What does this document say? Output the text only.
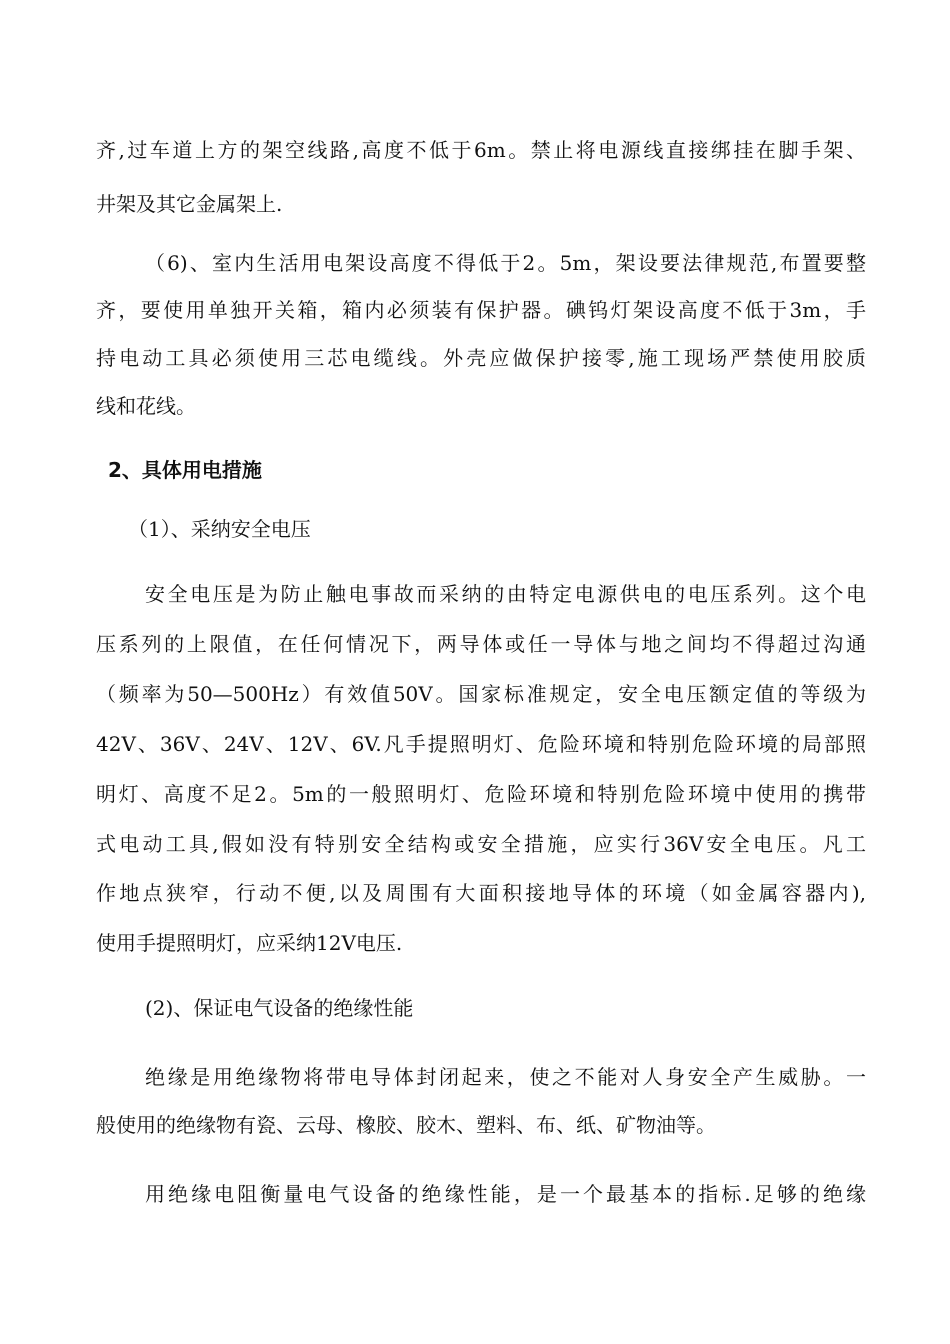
齐,过车道上方的架空线路,高度不低于6m。禁止将电源线直接绑挂在脚手架、
井架及其它金属架上.
（6)、室内生活用电架设高度不得低于2。5m，架设要法律规范,布置要整
齐，要使用单独开关箱，箱内必须装有保护器。碘钨灯架设高度不低于3m，手
持电动工具必须使用三芯电缆线。外壳应做保护接零,施工现场严禁使用胶质
线和花线。
2、具体用电措施
（1）、采纳安全电压
安全电压是为防止触电事故而采纳的由特定电源供电的电压系列。这个电
压系列的上限值，在任何情况下，两导体或任一导体与地之间均不得超过沟通
（频率为50—500Hz）有效值50V。国家标准规定，安全电压额定值的等级为
42V、36V、24V、12V、6V.凡手提照明灯、危险环境和特别危险环境的局部照
明灯、高度不足2。5m的一般照明灯、危险环境和特别危险环境中使用的携带
式电动工具,假如没有特别安全结构或安全措施，应实行36V安全电压。凡工
作地点狭窄，行动不便,以及周围有大面积接地导体的环境（如金属容器内),
使用手提照明灯，应采纳12V电压.
(2)、保证电气设备的绝缘性能
绝缘是用绝缘物将带电导体封闭起来，使之不能对人身安全产生威胁。一
般使用的绝缘物有瓷、云母、橡胶、胶木、塑料、布、纸、矿物油等。
用绝缘电阻衡量电气设备的绝缘性能，是一个最基本的指标.足够的绝缘
